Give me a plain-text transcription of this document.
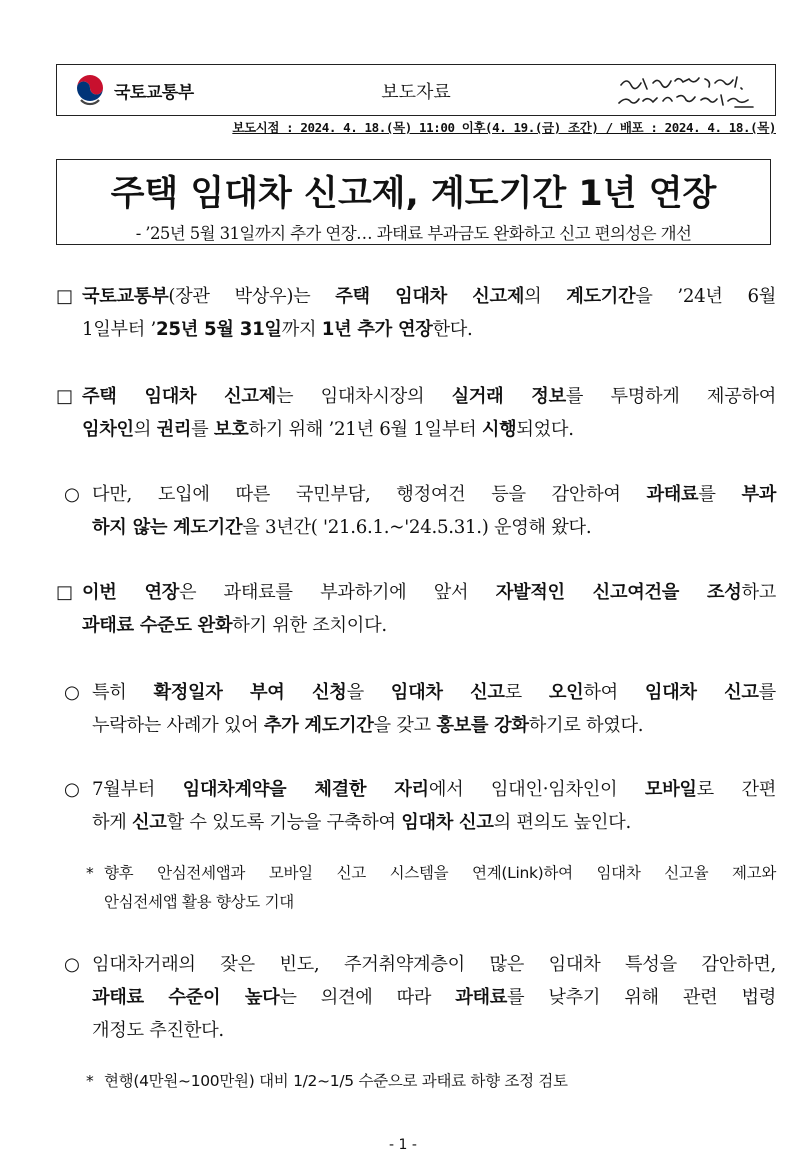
국토교통부	보도자료
보도시점 : 2024. 4. 18.(목) 11:00 이후(4. 19.(금) 조간) / 배포 : 2024. 4. 18.(목)
주택 임대차 신고제, 계도기간 1년 연장
- ’25년 5월 31일까지 추가 연장… 과태료 부과금도 완화하고 신고 편의성은 개선
□ 국토교통부(장관 박상우)는 주택 임대차 신고제의 계도기간을 ’24년 6월
1일부터 ’25년 5월 31일까지 1년 추가 연장한다.
□ 주택 임대차 신고제는 임대차시장의 실거래 정보를 투명하게 제공하여
임차인의 권리를 보호하기 위해 ’21년 6월 1일부터 시행되었다.
○ 다만, 도입에 따른 국민부담, 행정여건 등을 감안하여 과태료를 부과
하지 않는 계도기간을 3년간( '21.6.1.~'24.5.31.) 운영해 왔다.
□ 이번 연장은 과태료를 부과하기에 앞서 자발적인 신고여건을 조성하고
과태료 수준도 완화하기 위한 조치이다.
○ 특히 확정일자 부여 신청을 임대차 신고로 오인하여 임대차 신고를
누락하는 사례가 있어 추가 계도기간을 갖고 홍보를 강화하기로 하였다.
○ 7월부터 임대차계약을 체결한 자리에서 임대인·임차인이 모바일로 간편
하게 신고할 수 있도록 기능을 구축하여 임대차 신고의 편의도 높인다.
* 향후 안심전세앱과 모바일 신고 시스템을 연계(Link)하여 임대차 신고율 제고와
안심전세앱 활용 향상도 기대
○ 임대차거래의 잦은 빈도, 주거취약계층이 많은 임대차 특성을 감안하면,
과태료 수준이 높다는 의견에 따라 과태료를 낮추기 위해 관련 법령
개정도 추진한다.
* 현행(4만원~100만원) 대비 1/2~1/5 수준으로 과태료 하향 조정 검토
- 1 -
